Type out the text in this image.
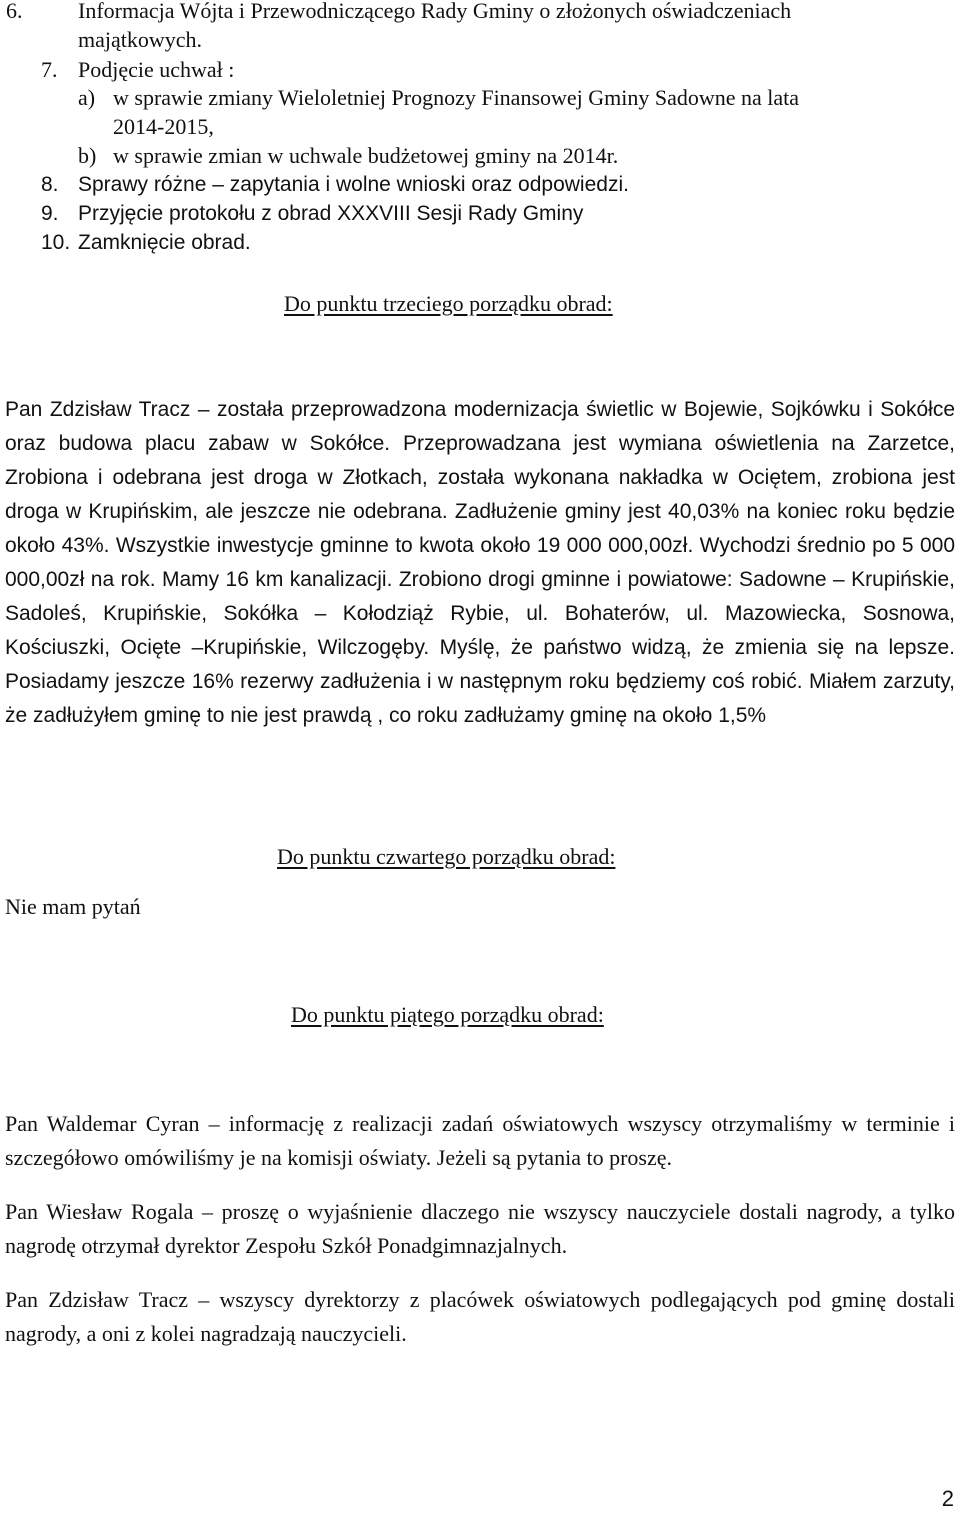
6.	Informacja Wójta i Przewodniczącego Rady Gminy o złożonych oświadczeniach
majątkowych.
7. Podjęcie uchwał :
a) w sprawie zmiany Wieloletniej Prognozy Finansowej Gminy Sadowne na lata
2014-2015,
b) w sprawie zmian w uchwale budżetowej gminy na 2014r.
8. Sprawy różne – zapytania i wolne wnioski oraz odpowiedzi.
9. Przyjęcie protokołu z obrad XXXVIII Sesji Rady Gminy
10. Zamknięcie obrad.
Do punktu trzeciego porządku obrad:

Pan Zdzisław Tracz – została przeprowadzona modernizacja świetlic w Bojewie, Sojkówku i Sokółce oraz budowa placu zabaw w Sokółce. Przeprowadzana jest wymiana oświetlenia na Zarzetce, Zrobiona i odebrana jest droga w Złotkach, została wykonana nakładka w Ociętem, zrobiona jest droga w Krupińskim, ale jeszcze nie odebrana. Zadłużenie gminy jest 40,03% na koniec roku będzie około 43%. Wszystkie inwestycje gminne to kwota około 19 000 000,00zł. Wychodzi średnio po 5 000 000,00zł na rok. Mamy 16 km kanalizacji. Zrobiono drogi gminne i powiatowe: Sadowne – Krupińskie, Sadoleś, Krupińskie, Sokółka – Kołodziąż Rybie, ul. Bohaterów, ul. Mazowiecka, Sosnowa, Kościuszki, Ocięte –Krupińskie, Wilczogęby. Myślę, że państwo widzą, że zmienia się na lepsze. Posiadamy jeszcze 16% rezerwy zadłużenia i w następnym roku będziemy coś robić. Miałem zarzuty, że zadłużyłem gminę to nie jest prawdą , co roku zadłużamy gminę na około 1,5%

Do punktu czwartego porządku obrad:
Nie mam pytań
Do punktu piątego porządku obrad:

Pan Waldemar Cyran – informację z realizacji zadań oświatowych wszyscy otrzymaliśmy w terminie i szczegółowo omówiliśmy je na komisji oświaty. Jeżeli są pytania to proszę.

Pan Wiesław Rogala – proszę o wyjaśnienie dlaczego nie wszyscy nauczyciele dostali nagrody, a tylko nagrodę otrzymał dyrektor Zespołu Szkół Ponadgimnazjalnych.

Pan Zdzisław Tracz – wszyscy dyrektorzy z placówek oświatowych podlegających pod gminę dostali nagrody, a oni z kolei nagradzają nauczycieli.

2
